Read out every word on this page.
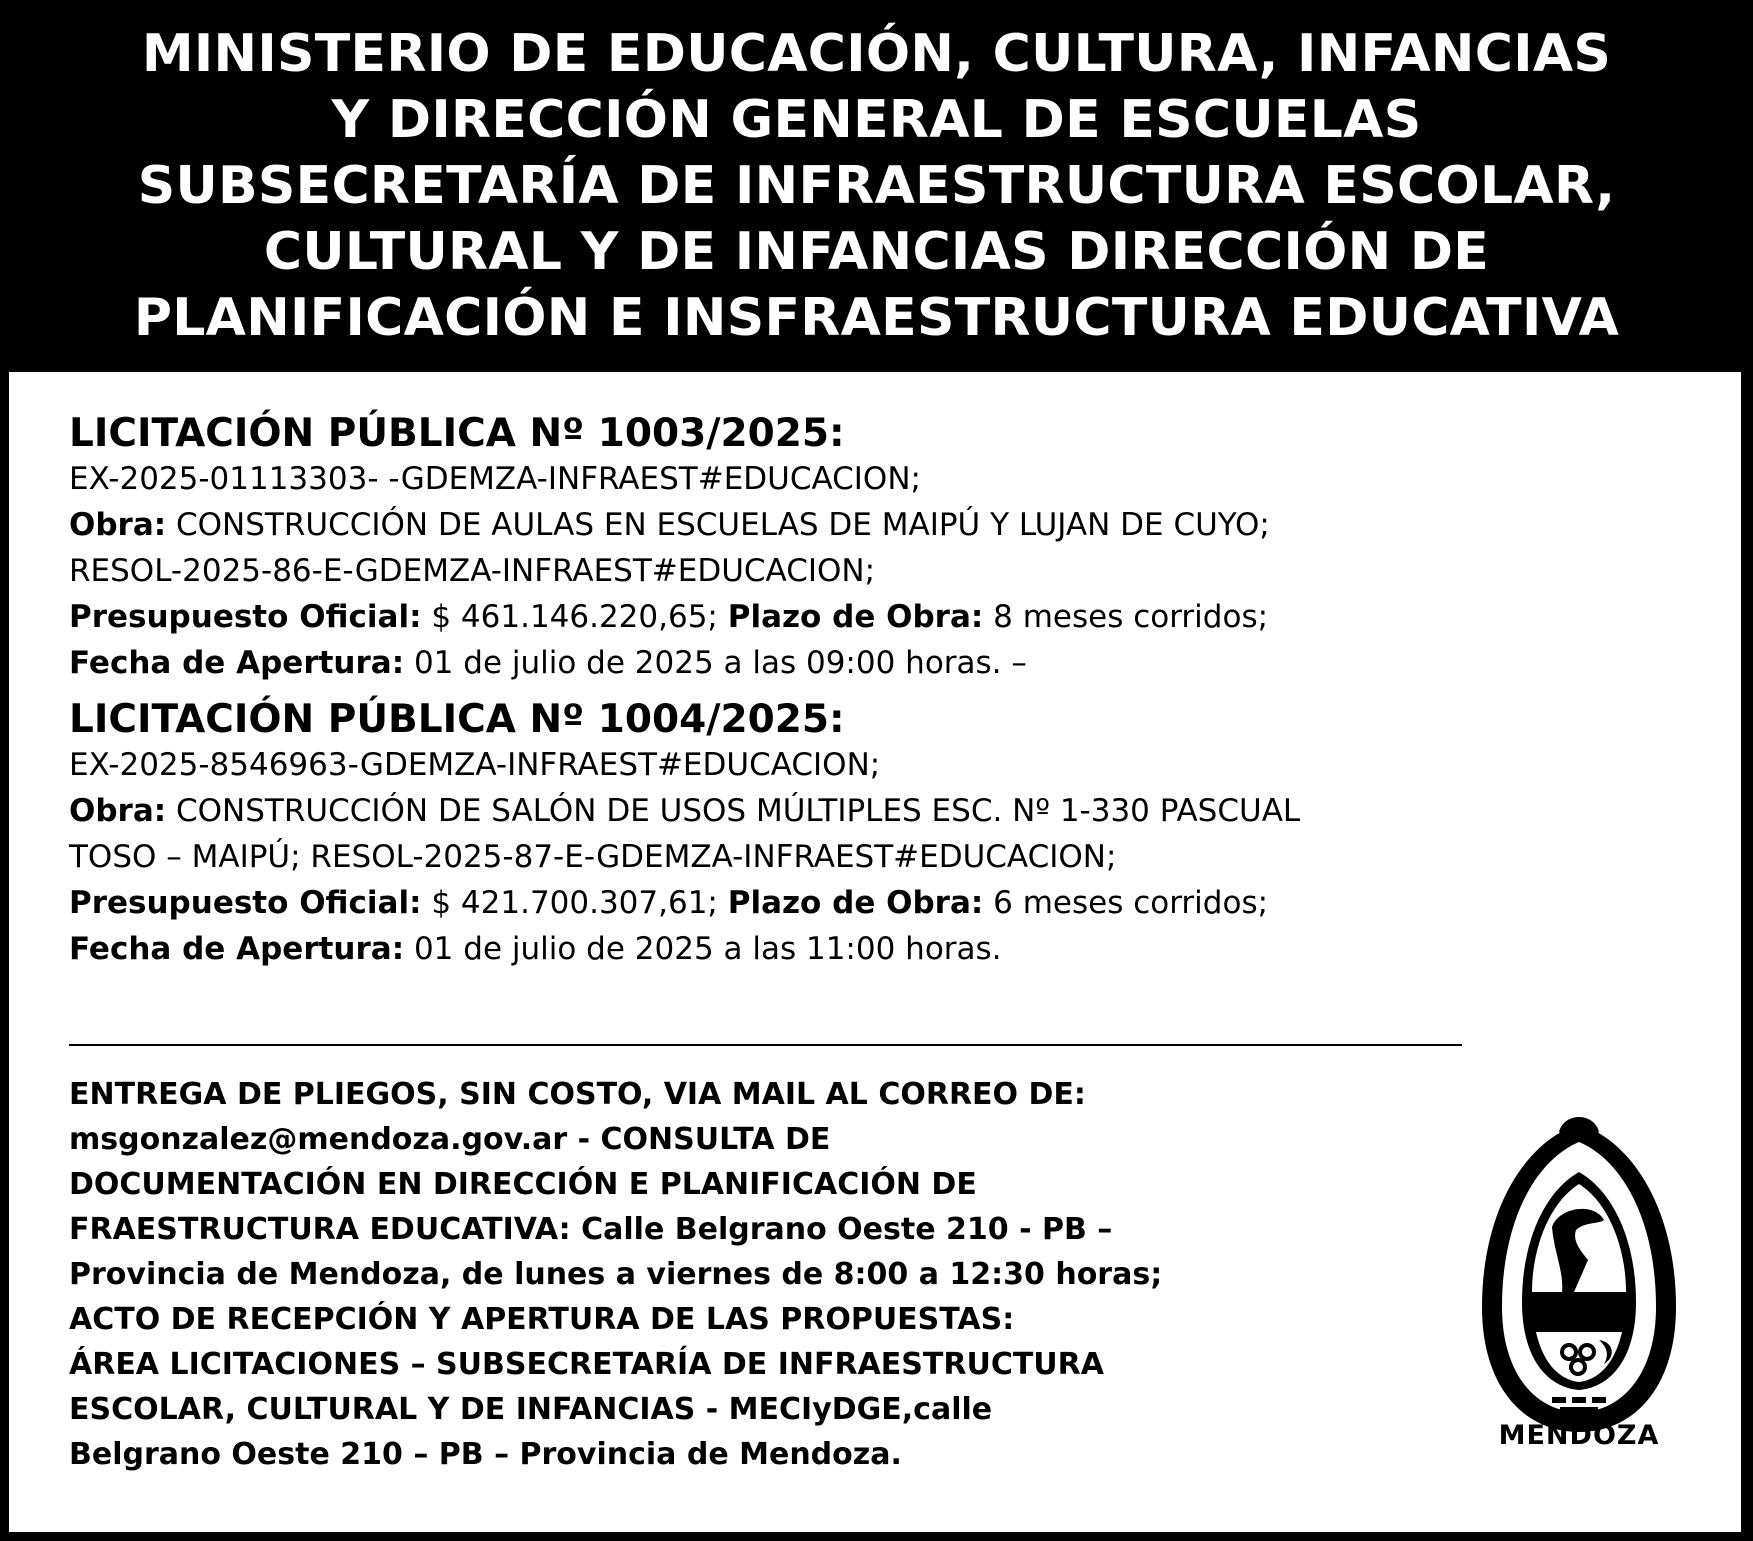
MINISTERIO DE EDUCACIÓN, CULTURA, INFANCIAS
Y DIRECCIÓN GENERAL DE ESCUELAS
SUBSECRETARÍA DE INFRAESTRUCTURA ESCOLAR,
CULTURAL Y DE INFANCIAS DIRECCIÓN DE
PLANIFICACIÓN E INSFRAESTRUCTURA EDUCATIVA
LICITACIÓN PÚBLICA Nº 1003/2025:
EX-2025-01113303- -GDEMZA-INFRAEST#EDUCACION;
Obra: CONSTRUCCIÓN DE AULAS EN ESCUELAS DE MAIPÚ Y LUJAN DE CUYO;
RESOL-2025-86-E-GDEMZA-INFRAEST#EDUCACION;
Presupuesto Oficial: $ 461.146.220,65; Plazo de Obra: 8 meses corridos;
Fecha de Apertura: 01 de julio de 2025 a las 09:00 horas. –
LICITACIÓN PÚBLICA Nº 1004/2025:
EX-2025-8546963-GDEMZA-INFRAEST#EDUCACION;
Obra: CONSTRUCCIÓN DE SALÓN DE USOS MÚLTIPLES ESC. Nº 1-330 PASCUAL
TOSO – MAIPÚ; RESOL-2025-87-E-GDEMZA-INFRAEST#EDUCACION;
Presupuesto Oficial: $ 421.700.307,61; Plazo de Obra: 6 meses corridos;
Fecha de Apertura: 01 de julio de 2025 a las 11:00 horas.
ENTREGA DE PLIEGOS, SIN COSTO, VIA MAIL AL CORREO DE:
msgonzalez@mendoza.gov.ar - CONSULTA DE
DOCUMENTACIÓN EN DIRECCIÓN E PLANIFICACIÓN DE
FRAESTRUCTURA EDUCATIVA: Calle Belgrano Oeste 210 - PB –
Provincia de Mendoza, de lunes a viernes de 8:00 a 12:30 horas;
ACTO DE RECEPCIÓN Y APERTURA DE LAS PROPUESTAS:
ÁREA LICITACIONES – SUBSECRETARÍA DE INFRAESTRUCTURA
ESCOLAR, CULTURAL Y DE INFANCIAS - MECIyDGE,calle
Belgrano Oeste 210 – PB – Provincia de Mendoza.
MENDOZA
